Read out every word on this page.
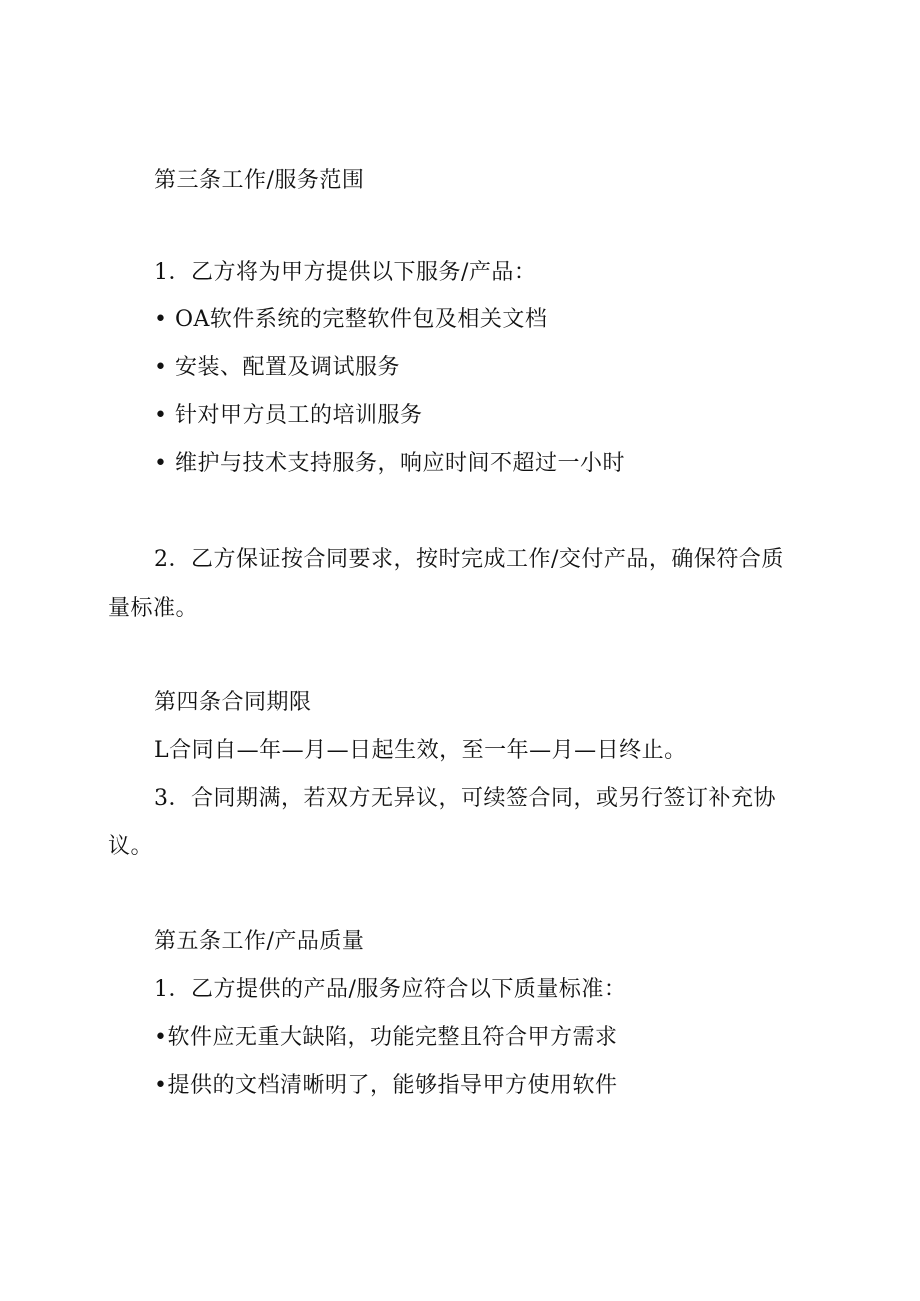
第三条工作/服务范围
1．乙方将为甲方提供以下服务/产品：
• OA软件系统的完整软件包及相关文档
• 安装、配置及调试服务
• 针对甲方员工的培训服务
• 维护与技术支持服务，响应时间不超过一小时
2．乙方保证按合同要求，按时完成工作/交付产品，确保符合质
量标准。
第四条合同期限
L合同自—年—月—日起生效，至一年—月—日终止。
3．合同期满，若双方无异议，可续签合同，或另行签订补充协
议。
第五条工作/产品质量
1．乙方提供的产品/服务应符合以下质量标准：
•软件应无重大缺陷，功能完整且符合甲方需求
•提供的文档清晰明了，能够指导甲方使用软件
